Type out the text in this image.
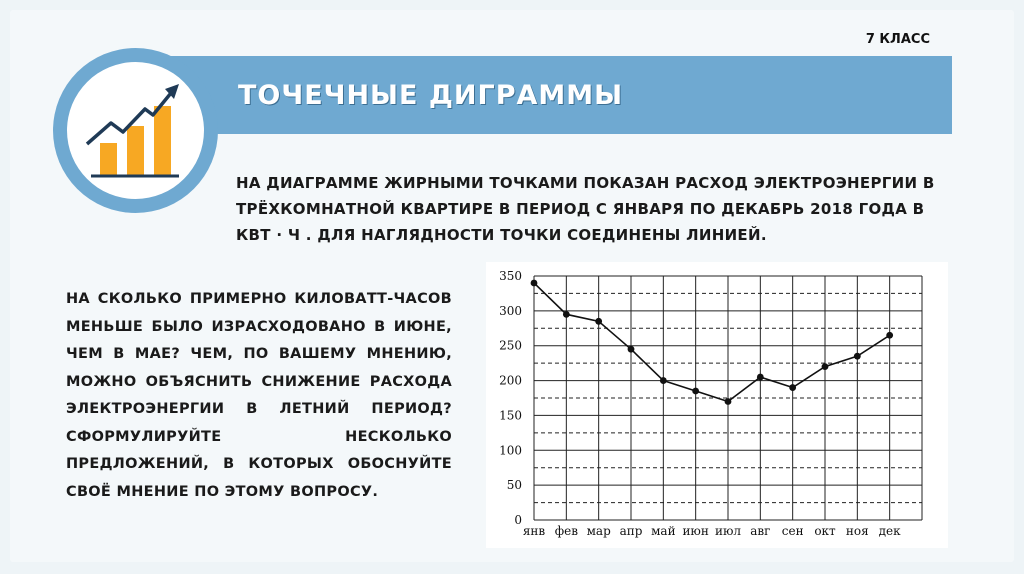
7 КЛАСС
ТОЧЕЧНЫЕ ДИГРАММЫ
НА ДИАГРАММЕ ЖИРНЫМИ ТОЧКАМИ ПОКАЗАН РАСХОД ЭЛЕКТРОЭНЕРГИИ В ТРЁХКОМНАТНОЙ КВАРТИРЕ В ПЕРИОД С ЯНВАРЯ ПО ДЕКАБРЬ 2018 ГОДА В КВТ · Ч . ДЛЯ НАГЛЯДНОСТИ ТОЧКИ СОЕДИНЕНЫ ЛИНИЕЙ.
НА СКОЛЬКО ПРИМЕРНО КИЛОВАТТ-ЧАСОВ МЕНЬШЕ БЫЛО ИЗРАСХОДОВАНО В ИЮНЕ, ЧЕМ В МАЕ? ЧЕМ, ПО ВАШЕМУ МНЕНИЮ, МОЖНО ОБЪЯСНИТЬ СНИЖЕНИЕ РАСХОДА ЭЛЕКТРОЭНЕРГИИ В ЛЕТНИЙ ПЕРИОД? СФОРМУЛИРУЙТЕ НЕСКОЛЬКО ПРЕДЛОЖЕНИЙ, В КОТОРЫХ ОБОСНУЙТЕ СВОЁ МНЕНИЕ ПО ЭТОМУ ВОПРОСУ.
0
50
100
150
200
250
300
350
янв фев мар апр май июн июл авг сен окт ноя дек
